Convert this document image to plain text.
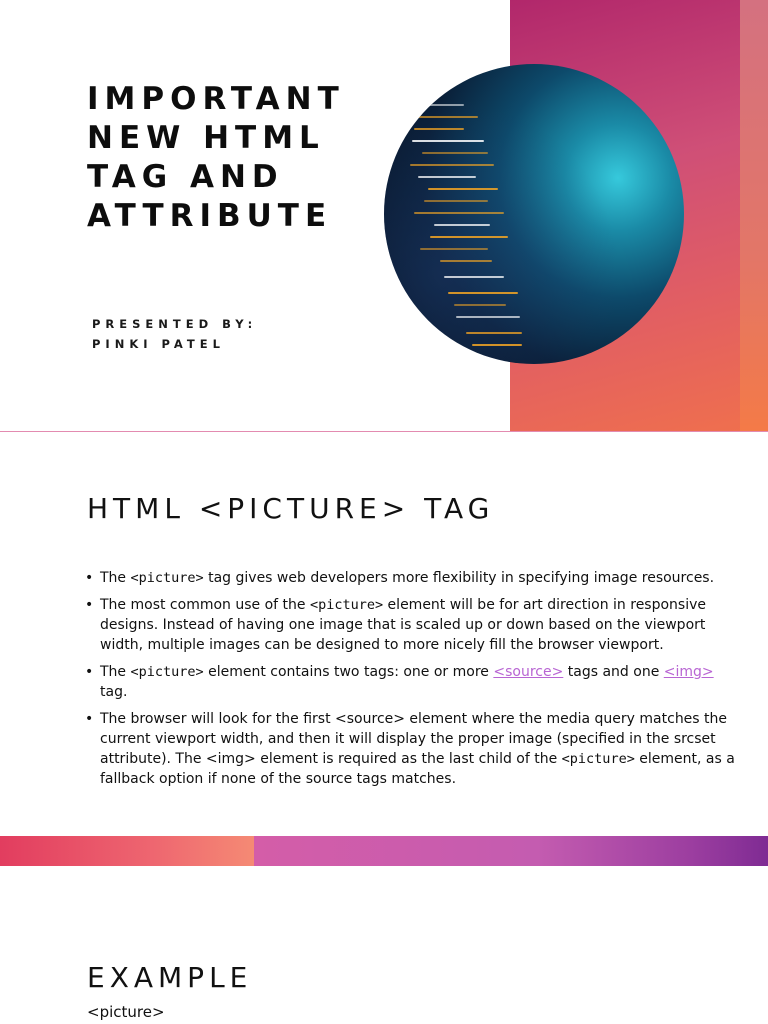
IMPORTANT
NEW HTML
TAG AND
ATTRIBUTE
PRESENTED BY:
PINKI PATEL
HTML <PICTURE> TAG
• The <picture> tag gives web developers more flexibility in specifying image resources.
• The most common use of the <picture> element will be for art direction in responsive designs. Instead of having one image that is scaled up or down based on the viewport width, multiple images can be designed to more nicely fill the browser viewport.
• The <picture> element contains two tags: one or more <source> tags and one <img> tag.
• The browser will look for the first <source> element where the media query matches the current viewport width, and then it will display the proper image (specified in the srcset attribute). The <img> element is required as the last child of the <picture> element, as a fallback option if none of the source tags matches.
EXAMPLE
<picture>
